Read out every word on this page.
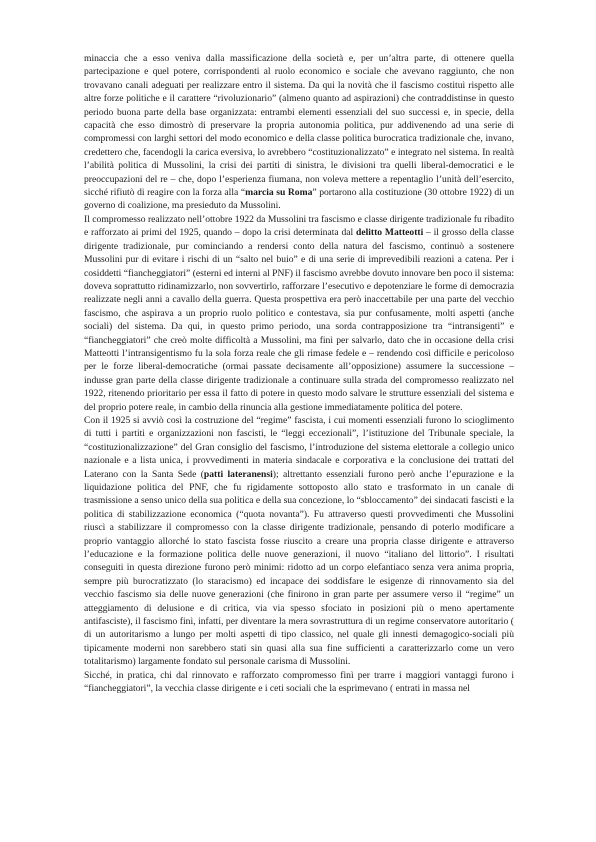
minaccia che a esso veniva dalla massificazione della società e, per un’altra parte, di ottenere quella partecipazione e quel potere, corrispondenti al ruolo economico e sociale che avevano raggiunto, che non trovavano canali adeguati per realizzare entro il sistema. Da qui la novità che il fascismo costituì rispetto alle altre forze politiche e il carattere “rivoluzionario” (almeno quanto ad aspirazioni) che contraddistinse in questo periodo buona parte della base organizzata: entrambi elementi essenziali del suo successi e, in specie, della capacità che esso dimostrò di preservare la propria autonomia politica, pur addivenendo ad una serie di compromessi con larghi settori del modo economico e della classe politica burocratica tradizionale che, invano, credettero che, facendogli la carica eversiva, lo avrebbero “costituzionalizzato” e integrato nel sistema. In realtà l’abilità politica di Mussolini, la crisi dei partiti di sinistra, le divisioni tra quelli liberal-democratici e le preoccupazioni del re – che, dopo l’esperienza fiumana, non voleva mettere a repentaglio l’unità dell’esercito, sicché rifiutò di reagire con la forza alla “marcia su Roma” portarono alla costituzione (30 ottobre 1922) di un governo di coalizione, ma presieduto da Mussolini.

Il compromesso realizzato nell’ottobre 1922 da Mussolini tra fascismo e classe dirigente tradizionale fu ribadito e rafforzato ai primi del 1925, quando – dopo la crisi determinata dal delitto Matteotti – il grosso della classe dirigente tradizionale, pur cominciando a rendersi conto della natura del fascismo, continuò a sostenere Mussolini pur di evitare i rischi di un “salto nel buio” e di una serie di imprevedibili reazioni a catena. Per i cosiddetti “fiancheggiatori” (esterni ed interni al PNF) il fascismo avrebbe dovuto innovare ben poco il sistema: doveva soprattutto ridinamizzarlo, non sovvertirlo, rafforzare l’esecutivo e depotenziare le forme di democrazia realizzate negli anni a cavallo della guerra. Questa prospettiva era però inaccettabile per una parte del vecchio fascismo, che aspirava a un proprio ruolo politico e contestava, sia pur confusamente, molti aspetti (anche sociali) del sistema. Da qui, in questo primo periodo, una sorda contrapposizione tra “intransigenti” e “fiancheggiatori” che creò molte difficoltà a Mussolini, ma finì per salvarlo, dato che in occasione della crisi Matteotti l’intransigentismo fu la sola forza reale che gli rimase fedele e – rendendo così difficile e pericoloso per le forze liberal-democratiche (ormai passate decisamente all’opposizione) assumere la successione – indusse gran parte della classe dirigente tradizionale a continuare sulla strada del compromesso realizzato nel 1922, ritenendo prioritario per essa il fatto di potere in questo modo salvare le strutture essenziali del sistema e del proprio potere reale, in cambio della rinuncia alla gestione immediatamente politica del potere.

Con il 1925 si avviò così la costruzione del “regime” fascista, i cui momenti essenziali furono lo scioglimento di tutti i partiti e organizzazioni non fascisti, le “leggi eccezionali”, l’istituzione del Tribunale speciale, la “costituzionalizzazione” del Gran consiglio del fascismo, l’introduzione del sistema elettorale a collegio unico nazionale e a lista unica, i provvedimenti in materia sindacale e corporativa e la conclusione dei trattati del Laterano con la Santa Sede (patti lateranensi); altrettanto essenziali furono però anche l’epurazione e la liquidazione politica del PNF, che fu rigidamente sottoposto allo stato e trasformato in un canale di trasmissione a senso unico della sua politica e della sua concezione, lo “sbloccamento” dei sindacati fascisti e la politica di stabilizzazione economica (“quota novanta”). Fu attraverso questi provvedimenti che Mussolini riuscì a stabilizzare il compromesso con la classe dirigente tradizionale, pensando di poterlo modificare a proprio vantaggio allorché lo stato fascista fosse riuscito a creare una propria classe dirigente e attraverso l’educazione e la formazione politica delle nuove generazioni, il nuovo “italiano del littorio”. I risultati conseguiti in questa direzione furono però minimi: ridotto ad un corpo elefantiaco senza vera anima propria, sempre più burocratizzato (lo staracismo) ed incapace dei soddisfare le esigenze di rinnovamento sia del vecchio fascismo sia delle nuove generazioni (che finirono in gran parte per assumere verso il “regime” un atteggiamento di delusione e di critica, via via spesso sfociato in posizioni più o meno apertamente antifasciste), il fascismo finì, infatti, per diventare la mera sovrastruttura di un regime conservatore autoritario ( di un autoritarismo a lungo per molti aspetti di tipo classico, nel quale gli innesti demagogico-sociali più tipicamente moderni non sarebbero stati sin quasi alla sua fine sufficienti a caratterizzarlo come un vero totalitarismo) largamente fondato sul personale carisma di Mussolini.

Sicché, in pratica, chi dal rinnovato e rafforzato compromesso finì per trarre i maggiori vantaggi furono i “fiancheggiatori”, la vecchia classe dirigente e i ceti sociali che la esprimevano ( entrati in massa nel
